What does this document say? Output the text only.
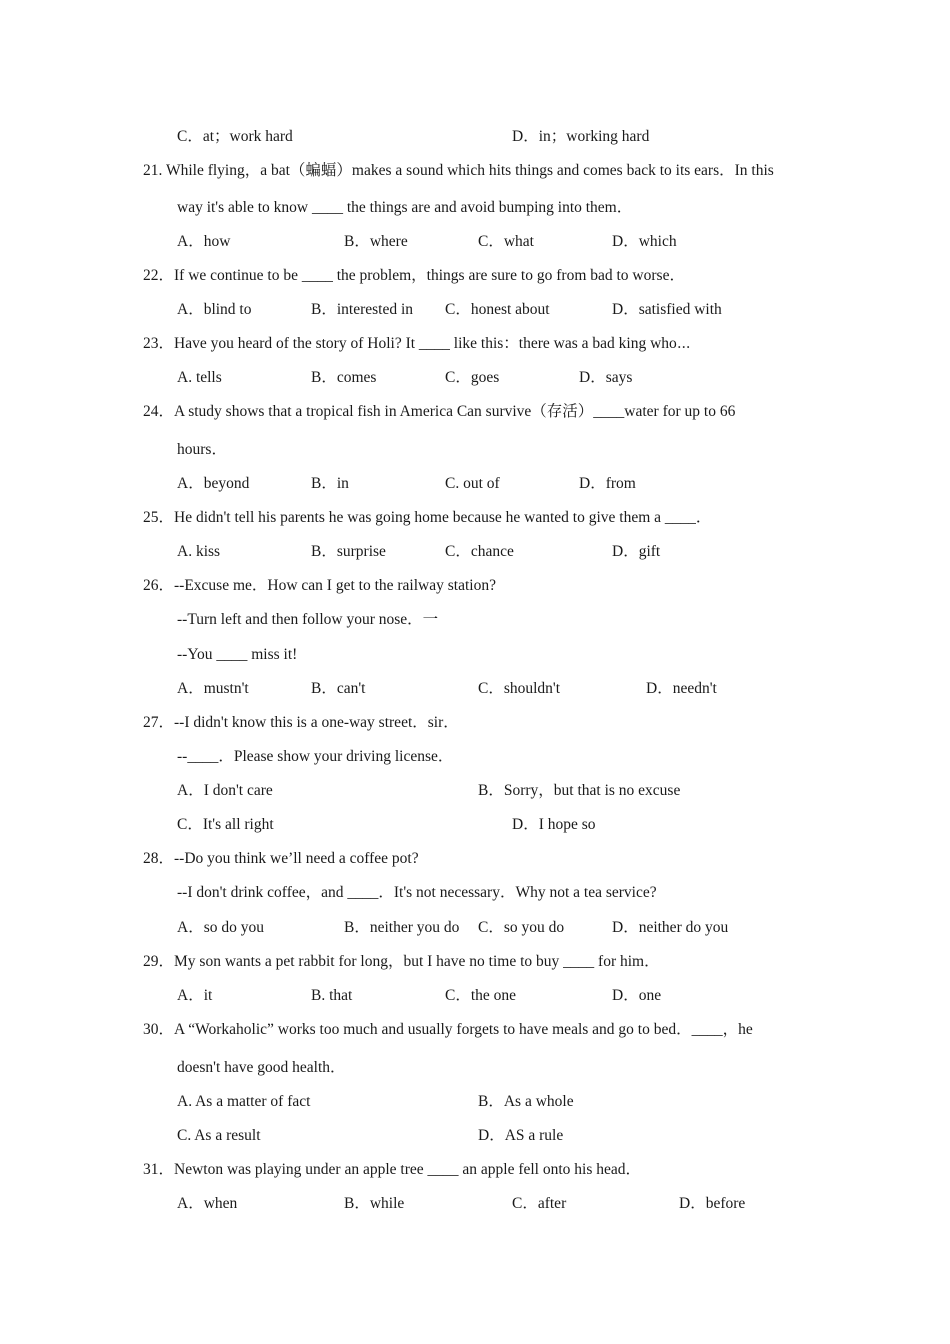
C．at；work hard	D．in；working hard
21. While flying，a bat（蝙蝠）makes a sound which hits things and comes back to its ears．In this
way it's able to know ____ the things are and avoid bumping into them．
A．how	B．where	C．what	D．which
22．If we continue to be ____ the problem，things are sure to go from bad to worse．
A．blind to	B．interested in C．honest about	D．satisfied with
23．Have you heard of the story of Holi? It ____ like this：there was a bad king who⋯
A. tells	B．comes	C．goes	D．says
24．A study shows that a tropical fish in America Can survive（存活）____water for up to 66
hours．
A．beyond	B．in	C. out of	D．from
25．He didn't tell his parents he was going home because he wanted to give them a ____．
A. kiss	B．surprise	C．chance	D．gift
26．--Excuse me．How can I get to the railway station?
--Turn left and then follow your nose．一
--You ____ miss it!
A．mustn't	B．can't	C．shouldn't	D．needn't
27．--I didn't know this is a one-way street．sir．
--____．Please show your driving license．
A．I don't care	B．Sorry，but that is no excuse
C．It's all right	D．I hope so
28．--Do you think we’ll need a coffee pot?
--I don't drink coffee，and ____．It's not necessary．Why not a tea service?
A．so do you	B．neither you do C．so you do	D．neither do you
29．My son wants a pet rabbit for long，but I have no time to buy ____ for him．
A．it	B. that	C．the one	D．one
30．A “Workaholic” works too much and usually forgets to have meals and go to bed．____，he
doesn't have good health．
A. As a matter of fact	B．As a whole
C. As a result	D．AS a rule
31．Newton was playing under an apple tree ____ an apple fell onto his head．
A．when	B．while	C．after	D．before
